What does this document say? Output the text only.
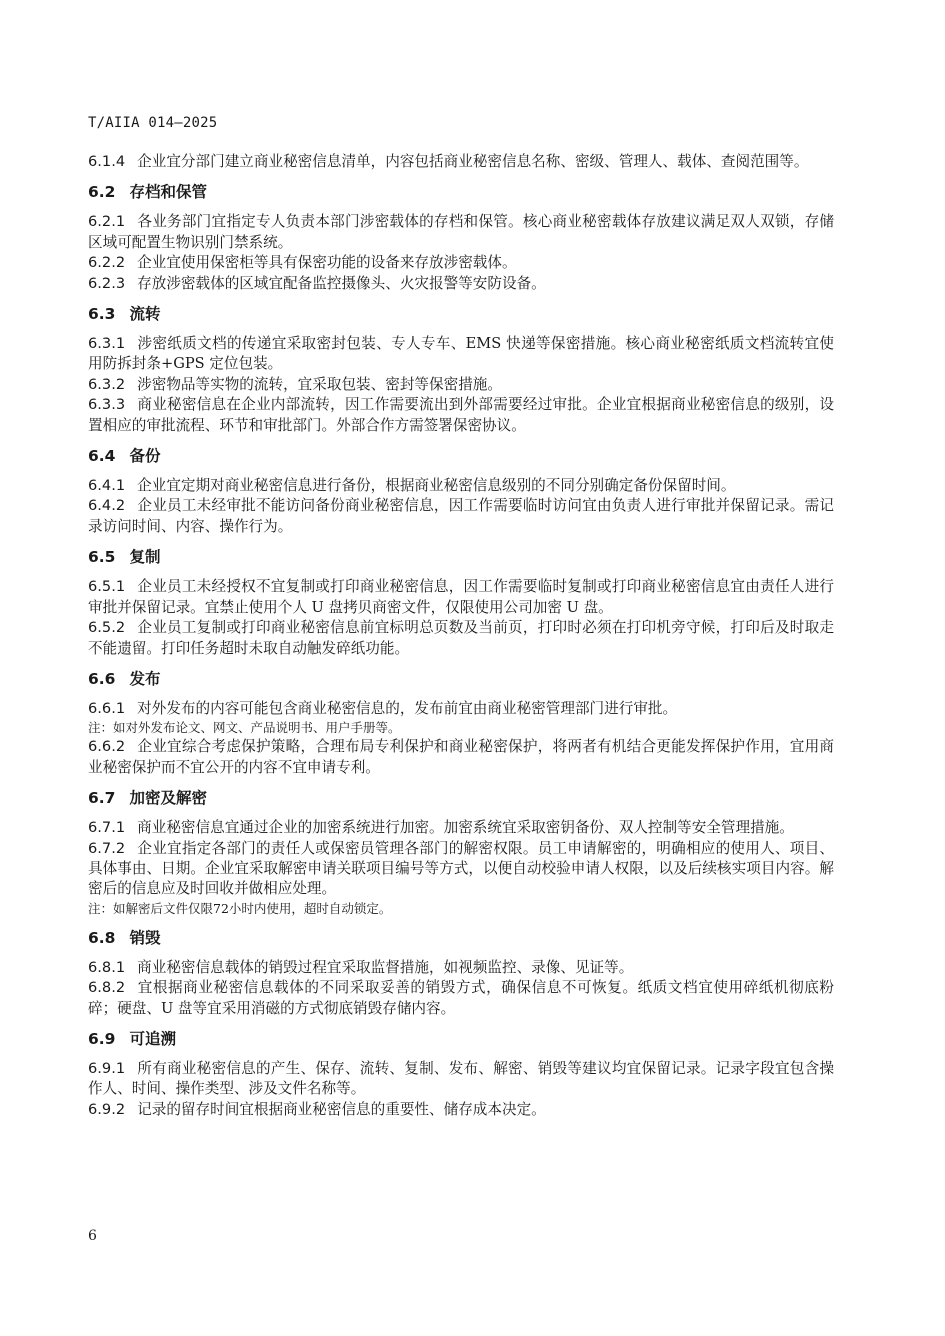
T/AIIA 014—2025

6.1.4 企业宜分部门建立商业秘密信息清单，内容包括商业秘密信息名称、密级、管理人、载体、查阅范围等。

6.2 存档和保管

6.2.1 各业务部门宜指定专人负责本部门涉密载体的存档和保管。核心商业秘密载体存放建议满足双人双锁，存储区域可配置生物识别门禁系统。

6.2.2 企业宜使用保密柜等具有保密功能的设备来存放涉密载体。

6.2.3 存放涉密载体的区域宜配备监控摄像头、火灾报警等安防设备。

6.3 流转

6.3.1 涉密纸质文档的传递宜采取密封包装、专人专车、EMS 快递等保密措施。核心商业秘密纸质文档流转宜使用防拆封条+GPS 定位包装。

6.3.2 涉密物品等实物的流转，宜采取包装、密封等保密措施。

6.3.3 商业秘密信息在企业内部流转，因工作需要流出到外部需要经过审批。企业宜根据商业秘密信息的级别，设置相应的审批流程、环节和审批部门。外部合作方需签署保密协议。

6.4 备份

6.4.1 企业宜定期对商业秘密信息进行备份，根据商业秘密信息级别的不同分别确定备份保留时间。

6.4.2 企业员工未经审批不能访问备份商业秘密信息，因工作需要临时访问宜由负责人进行审批并保留记录。需记录访问时间、内容、操作行为。

6.5 复制

6.5.1 企业员工未经授权不宜复制或打印商业秘密信息，因工作需要临时复制或打印商业秘密信息宜由责任人进行审批并保留记录。宜禁止使用个人 U 盘拷贝商密文件，仅限使用公司加密 U 盘。

6.5.2 企业员工复制或打印商业秘密信息前宜标明总页数及当前页，打印时必须在打印机旁守候，打印后及时取走不能遗留。打印任务超时未取自动触发碎纸功能。

6.6 发布

6.6.1 对外发布的内容可能包含商业秘密信息的，发布前宜由商业秘密管理部门进行审批。

注：如对外发布论文、网文、产品说明书、用户手册等。

6.6.2 企业宜综合考虑保护策略，合理布局专利保护和商业秘密保护，将两者有机结合更能发挥保护作用，宜用商业秘密保护而不宜公开的内容不宜申请专利。

6.7 加密及解密

6.7.1 商业秘密信息宜通过企业的加密系统进行加密。加密系统宜采取密钥备份、双人控制等安全管理措施。

6.7.2 企业宜指定各部门的责任人或保密员管理各部门的解密权限。员工申请解密的，明确相应的使用人、项目、具体事由、日期。企业宜采取解密申请关联项目编号等方式，以便自动校验申请人权限，以及后续核实项目内容。解密后的信息应及时回收并做相应处理。

注：如解密后文件仅限72小时内使用，超时自动锁定。

6.8 销毁

6.8.1 商业秘密信息载体的销毁过程宜采取监督措施，如视频监控、录像、见证等。

6.8.2 宜根据商业秘密信息载体的不同采取妥善的销毁方式，确保信息不可恢复。纸质文档宜使用碎纸机彻底粉碎；硬盘、U 盘等宜采用消磁的方式彻底销毁存储内容。

6.9 可追溯

6.9.1 所有商业秘密信息的产生、保存、流转、复制、发布、解密、销毁等建议均宜保留记录。记录字段宜包含操作人、时间、操作类型、涉及文件名称等。

6.9.2 记录的留存时间宜根据商业秘密信息的重要性、储存成本决定。

6
